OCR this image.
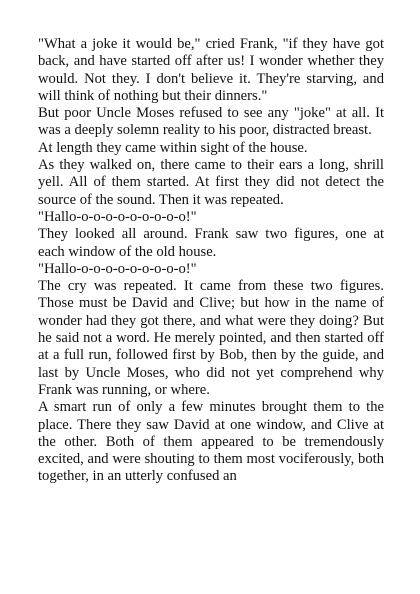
"What a joke it would be," cried Frank, "if they have got back, and have started off after us! I wonder whether they would. Not they. I don't believe it. They're starving, and will think of nothing but their dinners."

But poor Uncle Moses refused to see any "joke" at all. It was a deeply solemn reality to his poor, distracted breast.

At length they came within sight of the house.

As they walked on, there came to their ears a long, shrill yell. All of them started. At first they did not detect the source of the sound. Then it was repeated.

"Hallo-o-o-o-o-o-o-o-o-o!"

They looked all around. Frank saw two figures, one at each window of the old house.

"Hallo-o-o-o-o-o-o-o-o-o!"

The cry was repeated. It came from these two figures. Those must be David and Clive; but how in the name of wonder had they got there, and what were they doing? But he said not a word. He merely pointed, and then started off at a full run, followed first by Bob, then by the guide, and last by Uncle Moses, who did not yet comprehend why Frank was running, or where.

A smart run of only a few minutes brought them to the place. There they saw David at one window, and Clive at the other. Both of them appeared to be tremendously excited, and were shouting to them most vociferously, both together, in an utterly confused an
